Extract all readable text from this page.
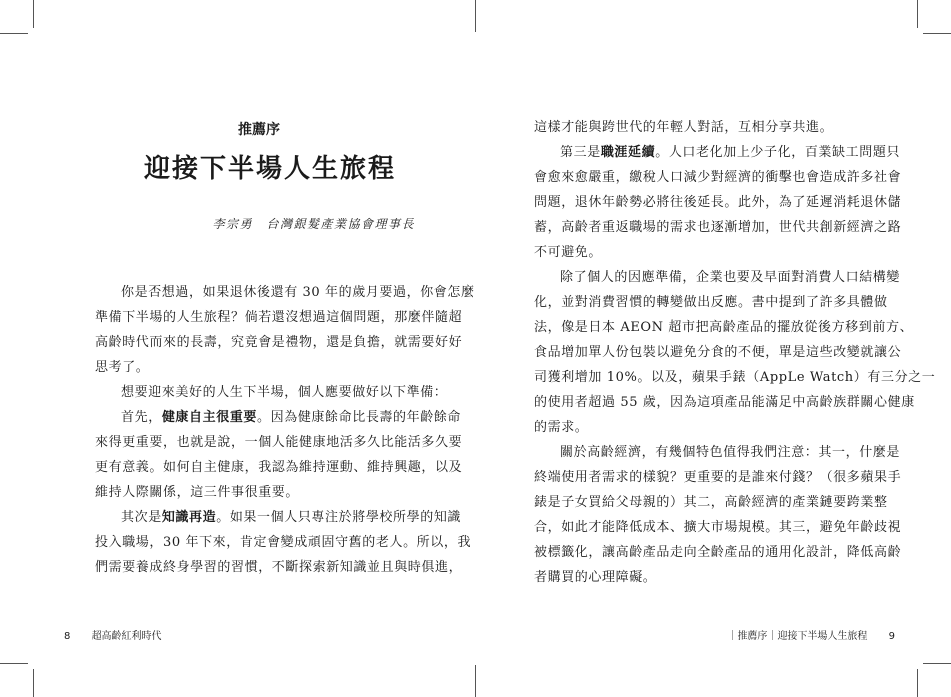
推薦序
迎接下半場人生旅程
李宗勇　台灣銀髮產業協會理事長
你是否想過，如果退休後還有 30 年的歲月要過，你會怎麼
準備下半場的人生旅程？倘若還沒想過這個問題，那麼伴隨超
高齡時代而來的長壽，究竟會是禮物，還是負擔，就需要好好
思考了。
想要迎來美好的人生下半場，個人應要做好以下準備：
首先，健康自主很重要。因為健康餘命比長壽的年齡餘命
來得更重要，也就是說，一個人能健康地活多久比能活多久要
更有意義。如何自主健康，我認為維持運動、維持興趣，以及
維持人際關係，這三件事很重要。
其次是知識再造。如果一個人只專注於將學校所學的知識
投入職場，30 年下來，肯定會變成頑固守舊的老人。所以，我
們需要養成終身學習的習慣，不斷探索新知識並且與時俱進，
這樣才能與跨世代的年輕人對話，互相分享共進。
第三是職涯延續。人口老化加上少子化，百業缺工問題只
會愈來愈嚴重，繳稅人口減少對經濟的衝擊也會造成許多社會
問題，退休年齡勢必將往後延長。此外，為了延遲消耗退休儲
蓄，高齡者重返職場的需求也逐漸增加，世代共創新經濟之路
不可避免。
除了個人的因應準備，企業也要及早面對消費人口結構變
化，並對消費習慣的轉變做出反應。書中提到了許多具體做
法，像是日本 AEON 超市把高齡產品的擺放從後方移到前方、
食品增加單人份包裝以避免分食的不便，單是這些改變就讓公
司獲利增加 10%。以及，蘋果手錶（AppLe Watch）有三分之一
的使用者超過 55 歲，因為這項產品能滿足中高齡族群關心健康
的需求。
關於高齡經濟，有幾個特色值得我們注意：其一，什麼是
終端使用者需求的樣貌？更重要的是誰來付錢？（很多蘋果手
錶是子女買給父母親的）其二，高齡經濟的產業鏈要跨業整
合，如此才能降低成本、擴大市場規模。其三，避免年齡歧視
被標籤化，讓高齡產品走向全齡產品的通用化設計，降低高齡
者購買的心理障礙。
8 超高齡紅利時代	｜推薦序｜迎接下半場人生旅程 9
